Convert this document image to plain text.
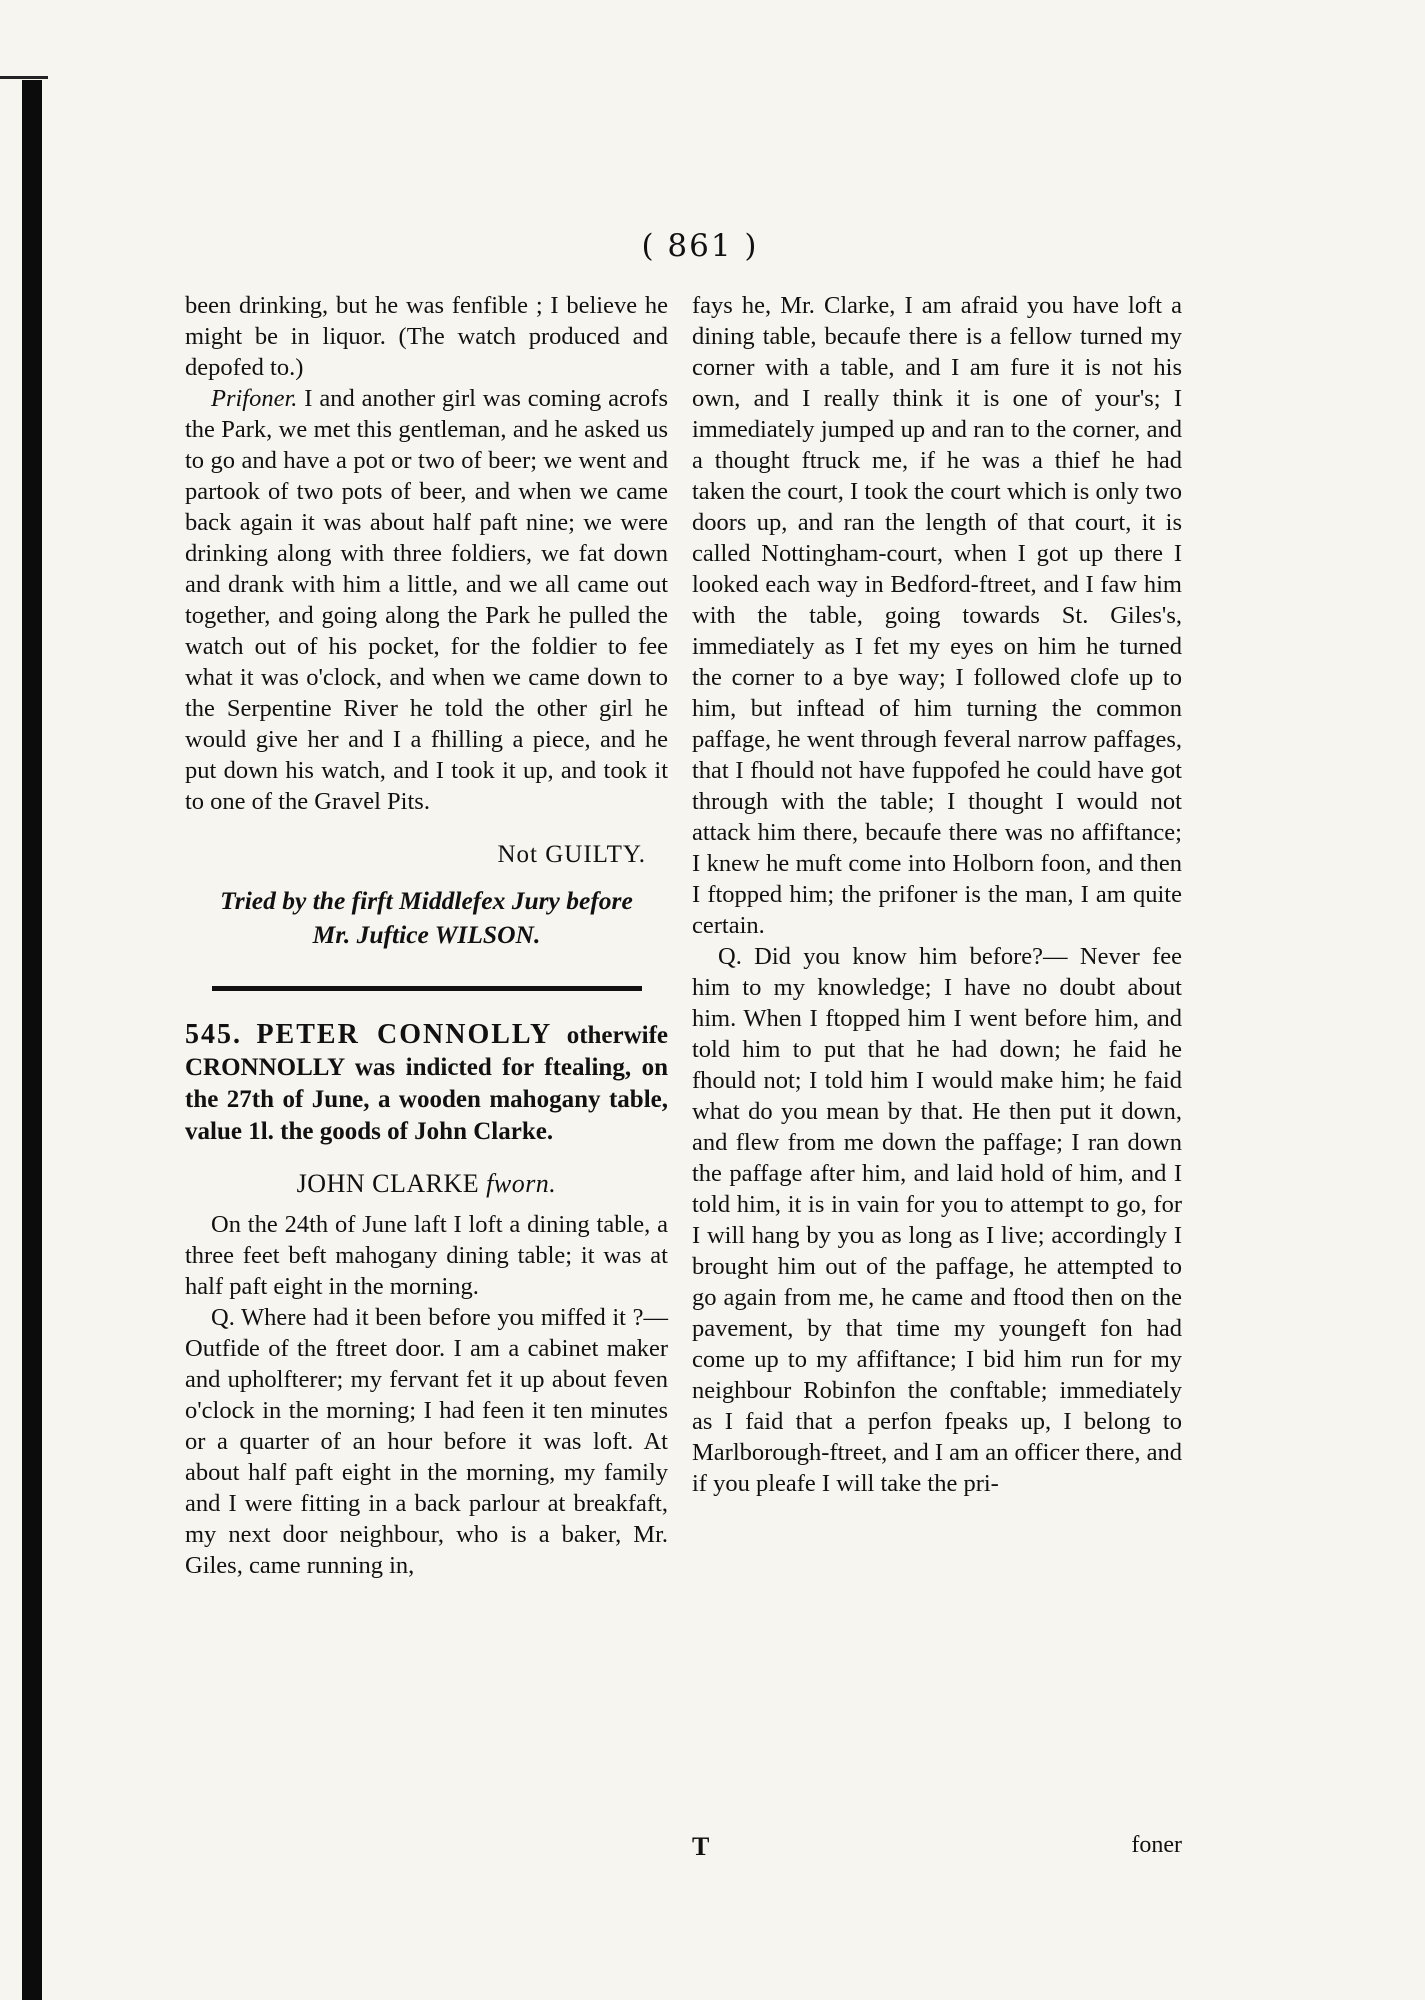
( 861 )

been drinking, but he was fenfible ; I believe he might be in liquor. (The watch produced and depofed to.)

Prifoner. I and another girl was coming acrofs the Park, we met this gentleman, and he asked us to go and have a pot or two of beer; we went and partook of two pots of beer, and when we came back again it was about half paft nine; we were drinking along with three foldiers, we fat down and drank with him a little, and we all came out together, and going along the Park he pulled the watch out of his pocket, for the foldier to fee what it was o'clock, and when we came down to the Serpentine River he told the other girl he would give her and I a fhilling a piece, and he put down his watch, and I took it up, and took it to one of the Gravel Pits.

Not GUILTY.
Tried by the firft Middlefex Jury before
Mr. Juftice WILSON.

545. PETER CONNOLLY otherwife CRONNOLLY was indicted for ftealing, on the 27th of June, a wooden mahogany table, value 1l. the goods of John Clarke.

JOHN CLARKE fworn.

On the 24th of June laft I loft a dining table, a three feet beft mahogany dining table; it was at half paft eight in the morning.

Q. Where had it been before you miffed it ?— Outfide of the ftreet door. I am a cabinet maker and upholfterer; my fervant fet it up about feven o'clock in the morning; I had feen it ten minutes or a quarter of an hour before it was loft. At about half paft eight in the morning, my family and I were fitting in a back parlour at breakfaft, my next door neighbour, who is a baker, Mr. Giles, came running in,

fays he, Mr. Clarke, I am afraid you have loft a dining table, becaufe there is a fellow turned my corner with a table, and I am fure it is not his own, and I really think it is one of your's; I immediately jumped up and ran to the corner, and a thought ftruck me, if he was a thief he had taken the court, I took the court which is only two doors up, and ran the length of that court, it is called Nottingham-court, when I got up there I looked each way in Bedford-ftreet, and I faw him with the table, going towards St. Giles's, immediately as I fet my eyes on him he turned the corner to a bye way; I followed clofe up to him, but inftead of him turning the common paffage, he went through feveral narrow paffages, that I fhould not have fuppofed he could have got through with the table; I thought I would not attack him there, becaufe there was no affiftance; I knew he muft come into Holborn foon, and then I ftopped him; the prifoner is the man, I am quite certain.

Q. Did you know him before?— Never fee him to my knowledge; I have no doubt about him. When I ftopped him I went before him, and told him to put that he had down; he faid he fhould not; I told him I would make him; he faid what do you mean by that. He then put it down, and flew from me down the paffage; I ran down the paffage after him, and laid hold of him, and I told him, it is in vain for you to attempt to go, for I will hang by you as long as I live; accordingly I brought him out of the paffage, he attempted to go again from me, he came and ftood then on the pavement, by that time my youngeft fon had come up to my affiftance; I bid him run for my neighbour Robinfon the conftable; immediately as I faid that a perfon fpeaks up, I belong to Marlborough-ftreet, and I am an officer there, and if you pleafe I will take the pri-

T	foner
